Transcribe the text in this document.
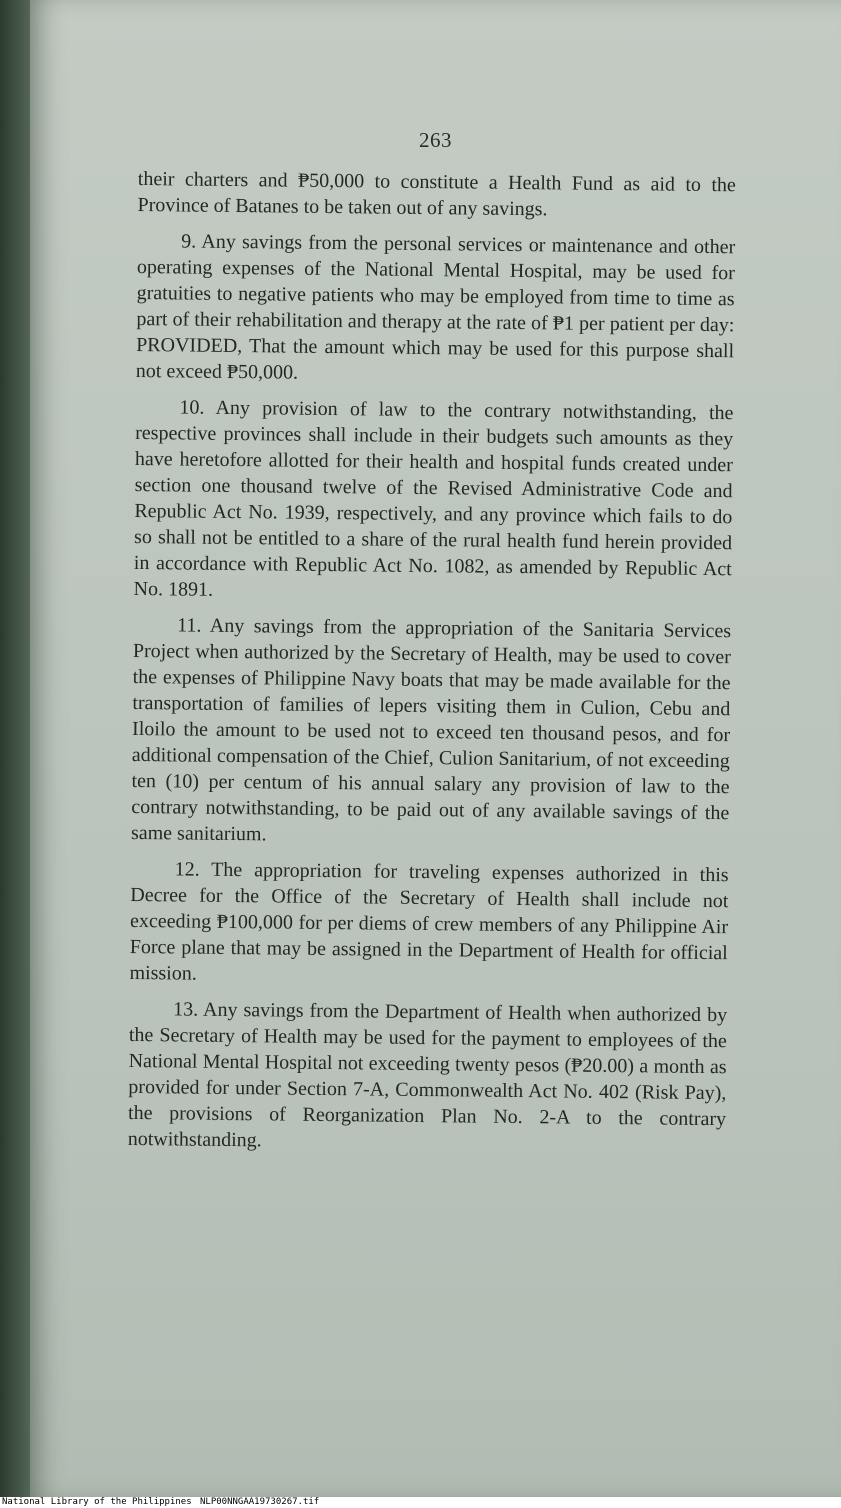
263

their charters and ₱50,000 to constitute a Health Fund as aid to the Province of Batanes to be taken out of any savings.

9. Any savings from the personal services or maintenance and other operating expenses of the National Mental Hospital, may be used for gratuities to negative patients who may be employed from time to time as part of their rehabilitation and therapy at the rate of ₱1 per patient per day: PROVIDED, That the amount which may be used for this purpose shall not exceed ₱50,000.

10. Any provision of law to the contrary notwithstanding, the respective provinces shall include in their budgets such amounts as they have heretofore allotted for their health and hospital funds created under section one thousand twelve of the Revised Administrative Code and Republic Act No. 1939, respectively, and any province which fails to do so shall not be entitled to a share of the rural health fund herein provided in accordance with Republic Act No. 1082, as amended by Republic Act No. 1891.

11. Any savings from the appropriation of the Sanitaria Services Project when authorized by the Secretary of Health, may be used to cover the expenses of Philippine Navy boats that may be made available for the transportation of families of lepers visiting them in Culion, Cebu and Iloilo the amount to be used not to exceed ten thousand pesos, and for additional compensation of the Chief, Culion Sanitarium, of not exceeding ten (10) per centum of his annual salary any provision of law to the contrary notwithstanding, to be paid out of any available savings of the same sanitarium.

12. The appropriation for traveling expenses authorized in this Decree for the Office of the Secretary of Health shall include not exceeding ₱100,000 for per diems of crew members of any Philippine Air Force plane that may be assigned in the Department of Health for official mission.

13. Any savings from the Department of Health when authorized by the Secretary of Health may be used for the payment to employees of the National Mental Hospital not exceeding twenty pesos (₱20.00) a month as provided for under Section 7-A, Commonwealth Act No. 402 (Risk Pay), the provisions of Reorganization Plan No. 2-A to the contrary notwithstanding.

National Library of the Philippines NLP00NNGAA19730267.tif
